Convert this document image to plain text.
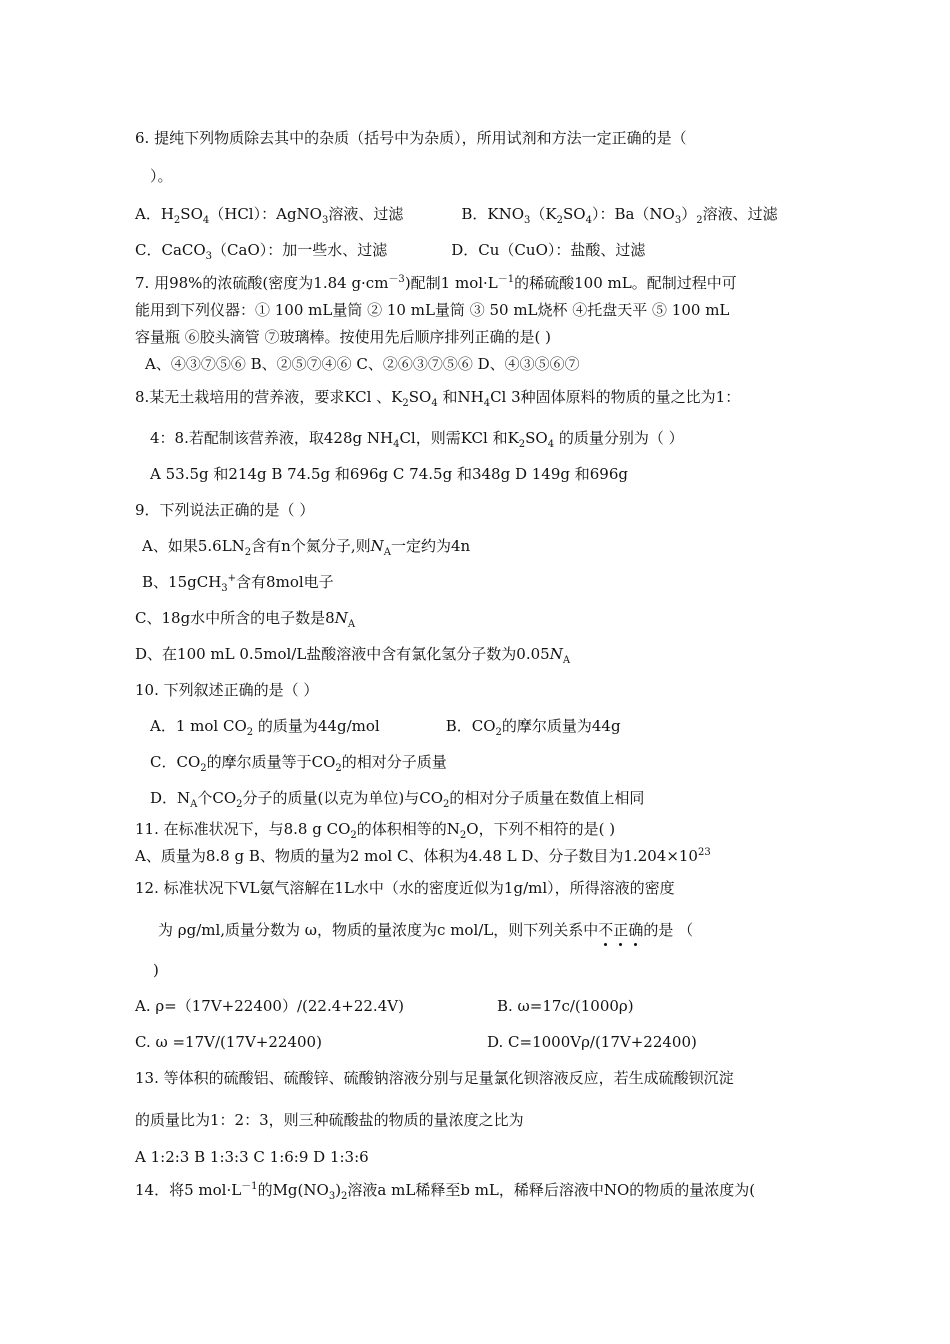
6. 提纯下列物质除去其中的杂质（括号中为杂质），所用试剂和方法一定正确的是（
）。
A．$H_2SO_4(HCl)$：AgNO$_3$溶液、过滤	B．$KNO_3(K_2SO_4)$：$Ba(NO_3)_2$溶液、过滤
C．CaCO$_3$（CaO）：加一些水、过滤	D．Cu（CuO）：盐酸、过滤
7. 用98%的浓硫酸(密度为1.84 $g\cdot cm^{-3}$)配制1 $mol\cdot L^{-1}$的稀硫酸100 mL。配制过程中可
能用到下列仪器：① 100 mL量筒 ② 10 mL量筒 ③ 50 mL烧杯 ④托盘天平 ⑤ 100 mL
容量瓶 ⑥胶头滴管 ⑦玻璃棒。按使用先后顺序排列正确的是( )
A、④③⑦⑤⑥ B、②⑤⑦④⑥ C、②⑥③⑦⑤⑥ D、④③⑤⑥⑦
8.某无土栽培用的营养液，要求KCl 、$K_2SO_4$ 和$NH_4Cl$ 3种固体原料的物质的量之比为1：
4：8.若配制该营养液，取428g $NH_4Cl$，则需KCl 和$K_2SO_4$ 的质量分别为（ ）
A 53.5g 和214g B 74.5g 和696g C 74.5g 和348g D 149g 和696g
9．下列说法正确的是（ ）
A、如果$5.6LN_2$含有n个氮分子,则$N_A$一定约为4n
B、15gCH$_3$+含有8mol电子
C、18g水中所含的电子数是$8N_A$
D、在100 mL 0.5mol/L盐酸溶液中含有氯化氢分子数为$0.05N_A$
10. 下列叙述正确的是（ ）
A．1 mol $CO_2$ 的质量为44g/mol	B．$CO_2$的摩尔质量为44g
C．$CO_2$的摩尔质量等于$CO_2$的相对分子质量
D．$N_A$个$CO_2$分子的质量(以克为单位)与$CO_2$的相对分子质量在数值上相同
11. 在标准状况下，与8.8 g $CO_2$的体积相等的$N_2O$，下列不相符的是( )
A、质量为8.8 g B、物质的量为2 mol C、体积为4.48 L D、分子数目为$1.204\times 10^{23}$
12. 标准状况下VL氨气溶解在1L水中（水的密度近似为1g/ml），所得溶液的密度
为 ρg/ml,质量分数为 ω，物质的量浓度为c mol/L，则下列关系中不正确的是 （
)
A. ρ=（17V+22400）/(22.4+22.4V)	B. ω=17c/(1000ρ)
C. ω =17V/(17V+22400)	D. C=1000Vρ/(17V+22400)
13. 等体积的硫酸铝、硫酸锌、硫酸钠溶液分别与足量氯化钡溶液反应，若生成硫酸钡沉淀
的质量比为1：2：3，则三种硫酸盐的物质的量浓度之比为
A 1:2:3 B 1:3:3 C 1:6:9 D 1:3:6
14．将5 $mol\cdot L^{-1}$的$Mg(NO_3)_2$溶液a mL稀释至b mL，稀释后溶液中NO的物质的量浓度为(
